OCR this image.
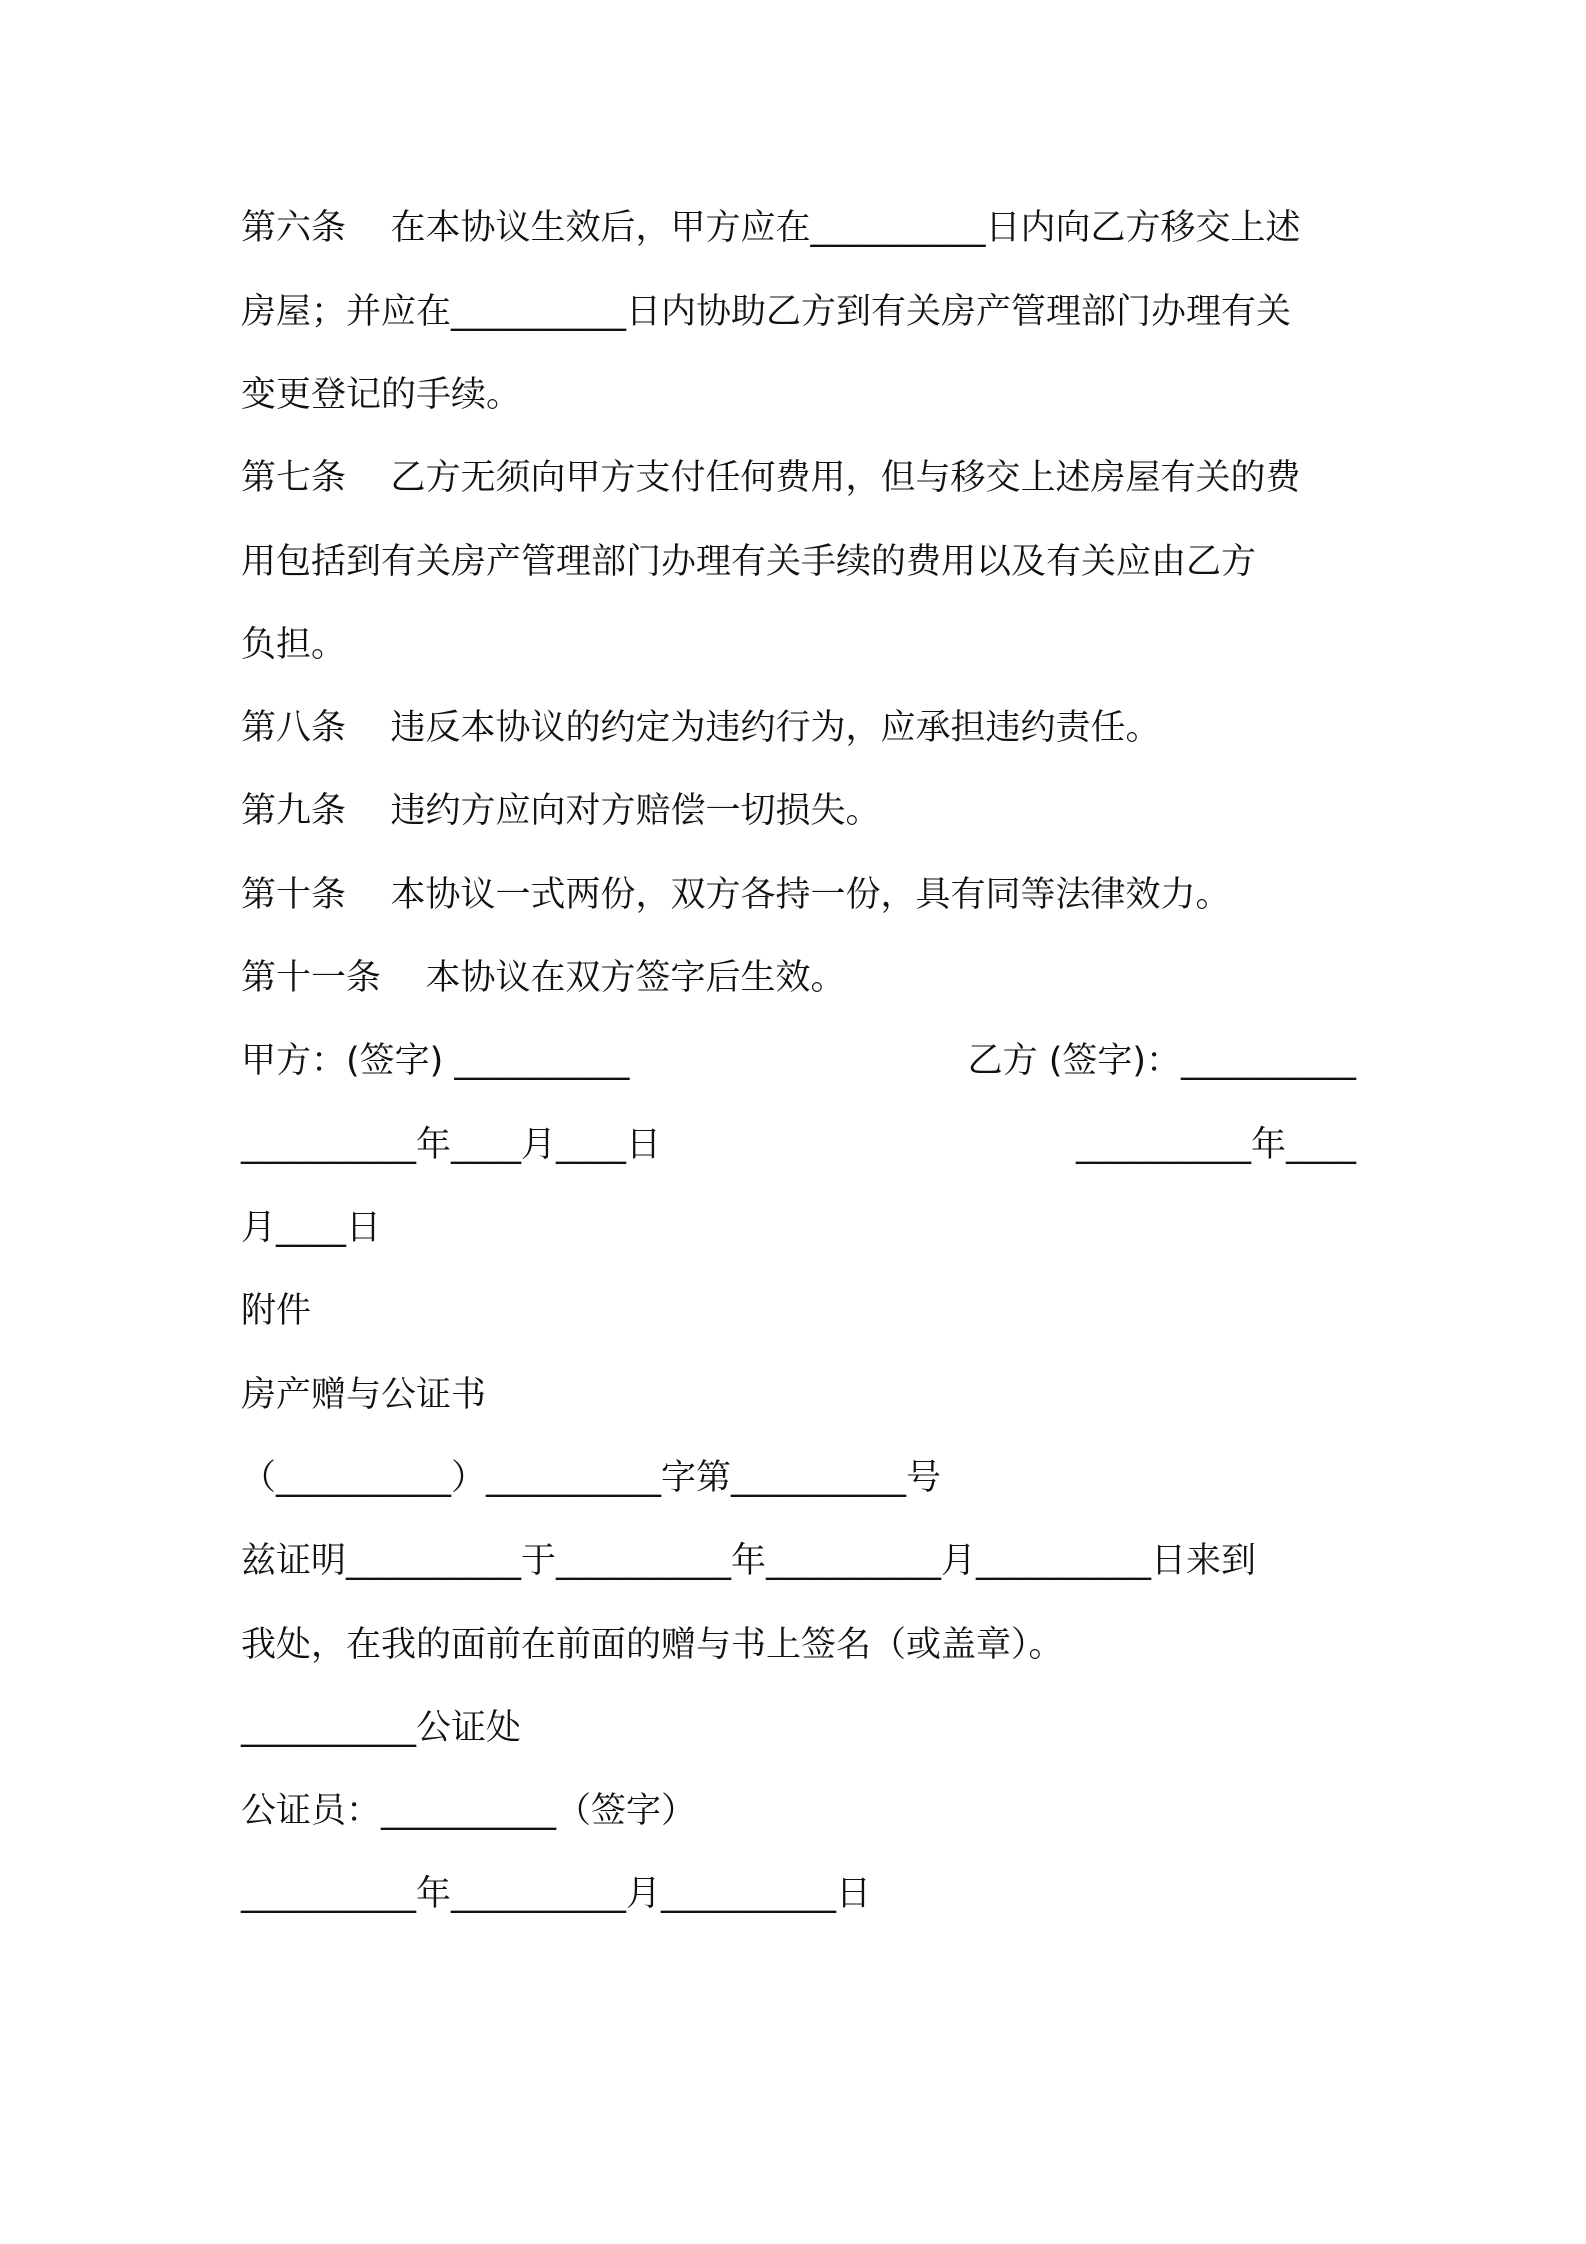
第六条    在本协议生效后，甲方应在__________日内向乙方移交上述
房屋；并应在__________日内协助乙方到有关房产管理部门办理有关
变更登记的手续。
第七条    乙方无须向甲方支付任何费用，但与移交上述房屋有关的费
用包括到有关房产管理部门办理有关手续的费用以及有关应由乙方
负担。
第八条    违反本协议的约定为违约行为，应承担违约责任。
第九条    违约方应向对方赔偿一切损失。
第十条    本协议一式两份，双方各持一份，具有同等法律效力。
第十一条    本协议在双方签字后生效。
甲方：(签字) __________	乙方 (签字)：__________
__________年____月____日	__________年____
月____日
附件
房产赠与公证书
（__________）__________字第__________号
兹证明__________于__________年__________月__________日来到
我处，在我的面前在前面的赠与书上签名（或盖章）。
__________公证处
公证员：__________（签字）
__________年__________月__________日
